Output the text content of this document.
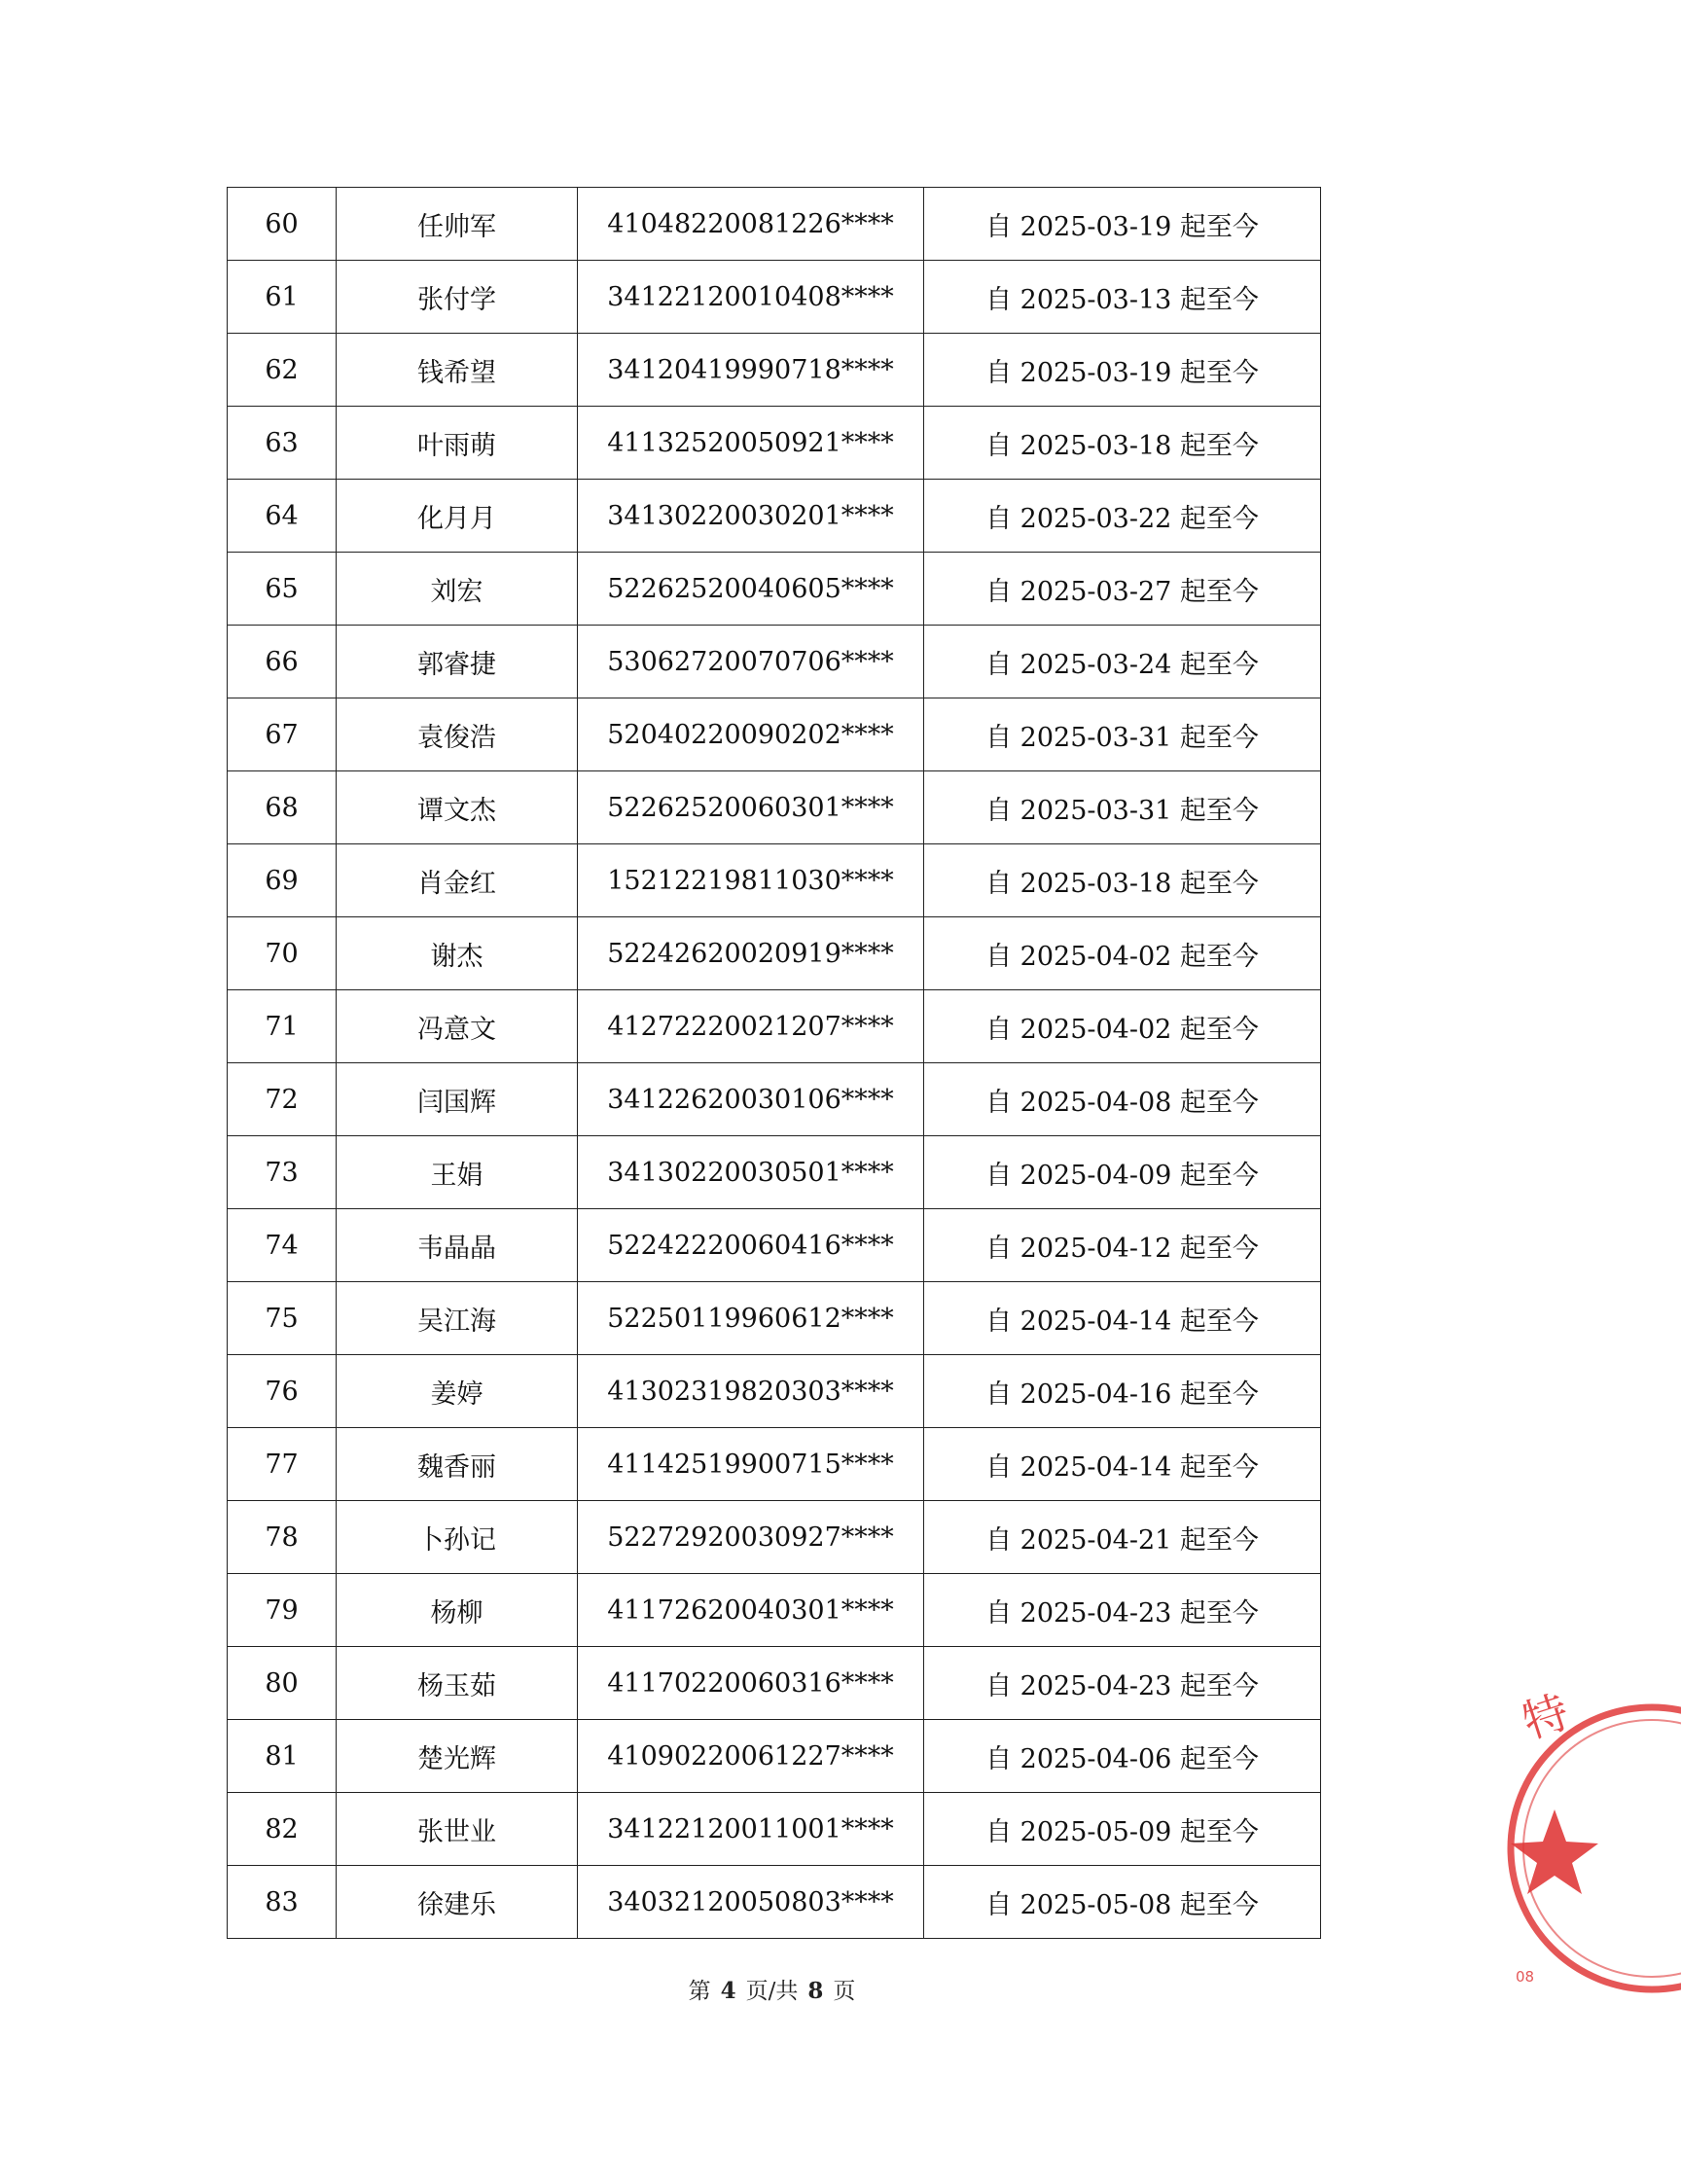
60	任帅军	41048220081226****	自 2025-03-19 起至今
61	张付学	34122120010408****	自 2025-03-13 起至今
62	钱希望	34120419990718****	自 2025-03-19 起至今
63	叶雨萌	41132520050921****	自 2025-03-18 起至今
64	化月月	34130220030201****	自 2025-03-22 起至今
65	刘宏	52262520040605****	自 2025-03-27 起至今
66	郭睿捷	53062720070706****	自 2025-03-24 起至今
67	袁俊浩	52040220090202****	自 2025-03-31 起至今
68	谭文杰	52262520060301****	自 2025-03-31 起至今
69	肖金红	15212219811030****	自 2025-03-18 起至今
70	谢杰	52242620020919****	自 2025-04-02 起至今
71	冯意文	41272220021207****	自 2025-04-02 起至今
72	闫国辉	34122620030106****	自 2025-04-08 起至今
73	王娟	34130220030501****	自 2025-04-09 起至今
74	韦晶晶	52242220060416****	自 2025-04-12 起至今
75	吴江海	52250119960612****	自 2025-04-14 起至今
76	姜婷	41302319820303****	自 2025-04-16 起至今
77	魏香丽	41142519900715****	自 2025-04-14 起至今
78	卜孙记	52272920030927****	自 2025-04-21 起至今
79	杨柳	41172620040301****	自 2025-04-23 起至今
80	杨玉茹	41170220060316****	自 2025-04-23 起至今
81	楚光辉	41090220061227****	自 2025-04-06 起至今
82	张世业	34122120011001****	自 2025-05-09 起至今
83	徐建乐	34032120050803****	自 2025-05-08 起至今
第 4 页/共 8 页
特
08
